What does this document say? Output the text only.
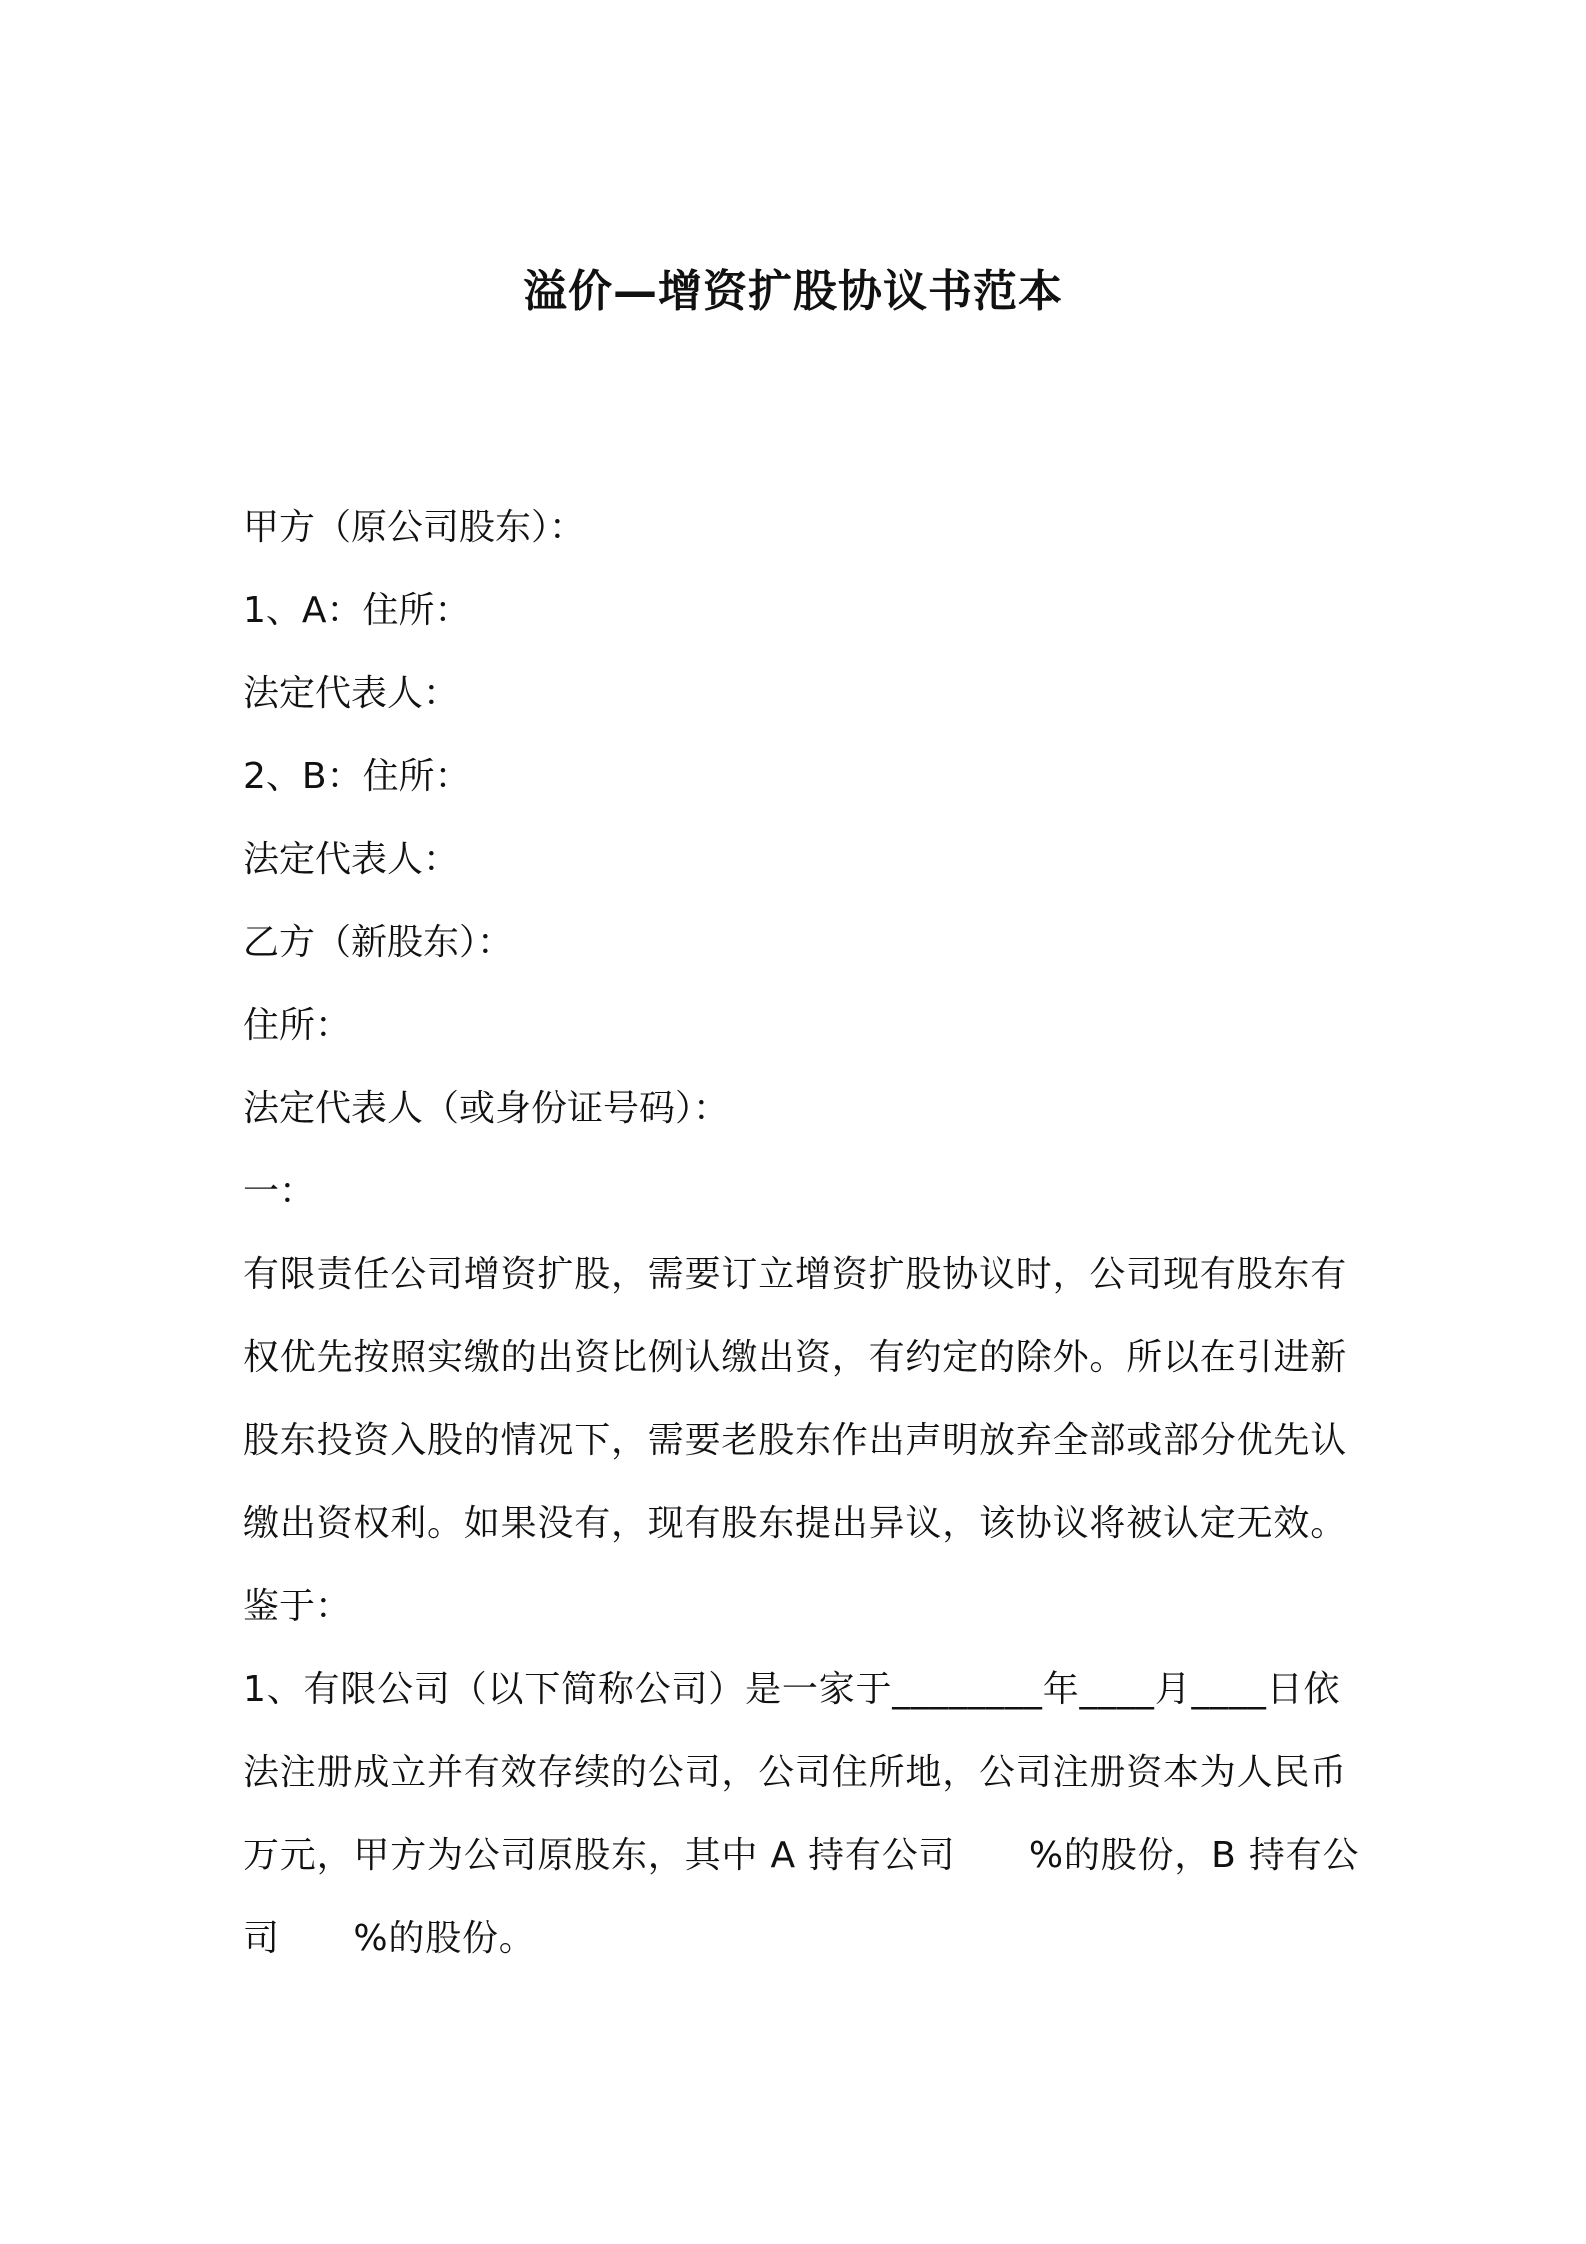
溢价—增资扩股协议书范本
甲方（原公司股东）：
1、A：住所：
法定代表人：
2、B：住所：
法定代表人：
乙方（新股东）：
住所：
法定代表人（或身份证号码）：
一：
有限责任公司增资扩股，需要订立增资扩股协议时，公司现有股东有权优先按照实缴的出资比例认缴出资，有约定的除外。所以在引进新股东投资入股的情况下，需要老股东作出声明放弃全部或部分优先认缴出资权利。如果没有，现有股东提出异议，该协议将被认定无效。
鉴于：
1、有限公司（以下简称公司）是一家于________年____月____日依法注册成立并有效存续的公司，公司住所地，公司注册资本为人民币　　万元，甲方为公司原股东，其中 A 持有公司　　%的股份，B 持有公司　　%的股份。
